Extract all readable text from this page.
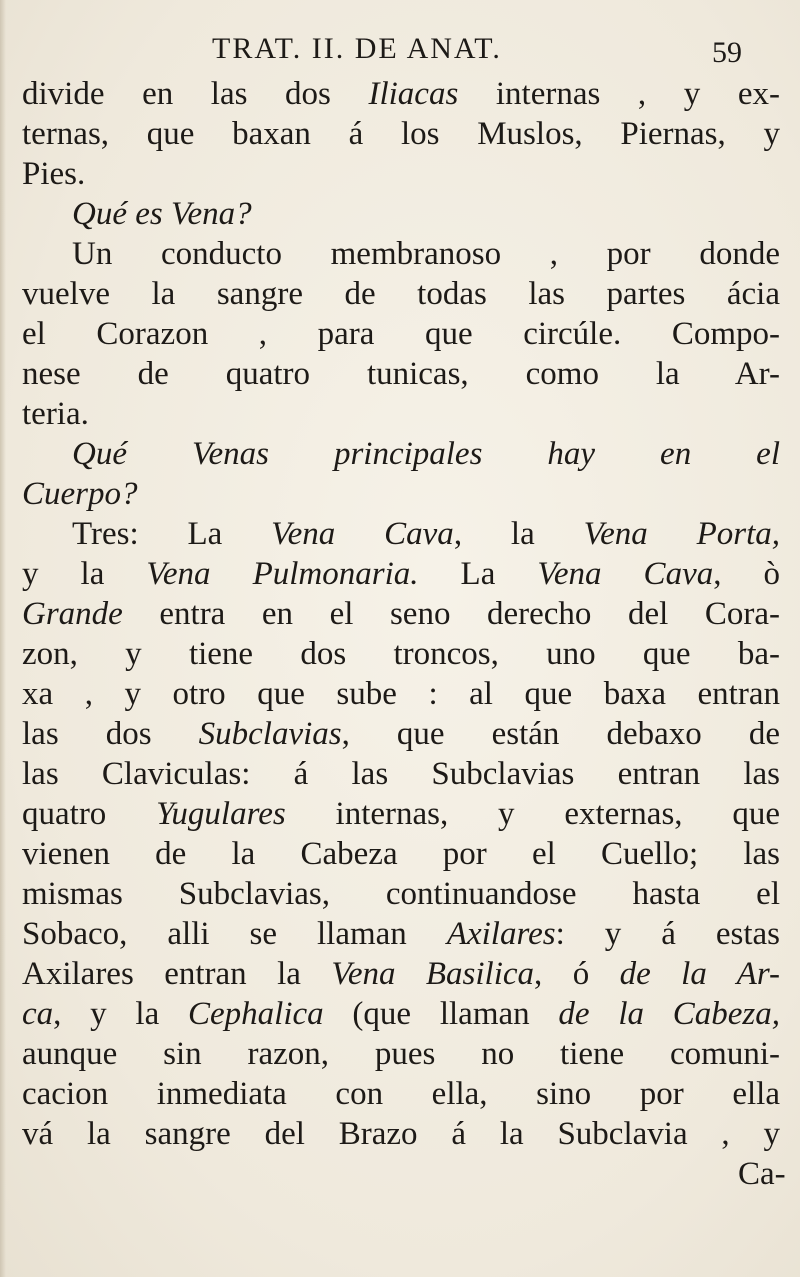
TRAT. II. DE ANAT.	59
divide en las dos Iliacas internas , y ex-
ternas, que baxan á los Muslos, Piernas, y
Pies.
Qué es Vena?
Un conducto membranoso , por donde
vuelve la sangre de todas las partes ácia
el Corazon , para que circúle. Compo-
nese de quatro tunicas, como la Ar-
teria.
Qué Venas principales hay en el
Cuerpo?
Tres: La Vena Cava, la Vena Porta,
y la Vena Pulmonaria. La Vena Cava, ò
Grande entra en el seno derecho del Cora-
zon, y tiene dos troncos, uno que ba-
xa , y otro que sube : al que baxa entran
las dos Subclavias, que están debaxo de
las Claviculas: á las Subclavias entran las
quatro Yugulares internas, y externas, que
vienen de la Cabeza por el Cuello; las
mismas Subclavias, continuandose hasta el
Sobaco, alli se llaman Axilares: y á estas
Axilares entran la Vena Basilica, ó de la Ar-
ca, y la Cephalica (que llaman de la Cabeza,
aunque sin razon, pues no tiene comuni-
cacion inmediata con ella, sino por ella
vá la sangre del Brazo á la Subclavia , y
Ca-
